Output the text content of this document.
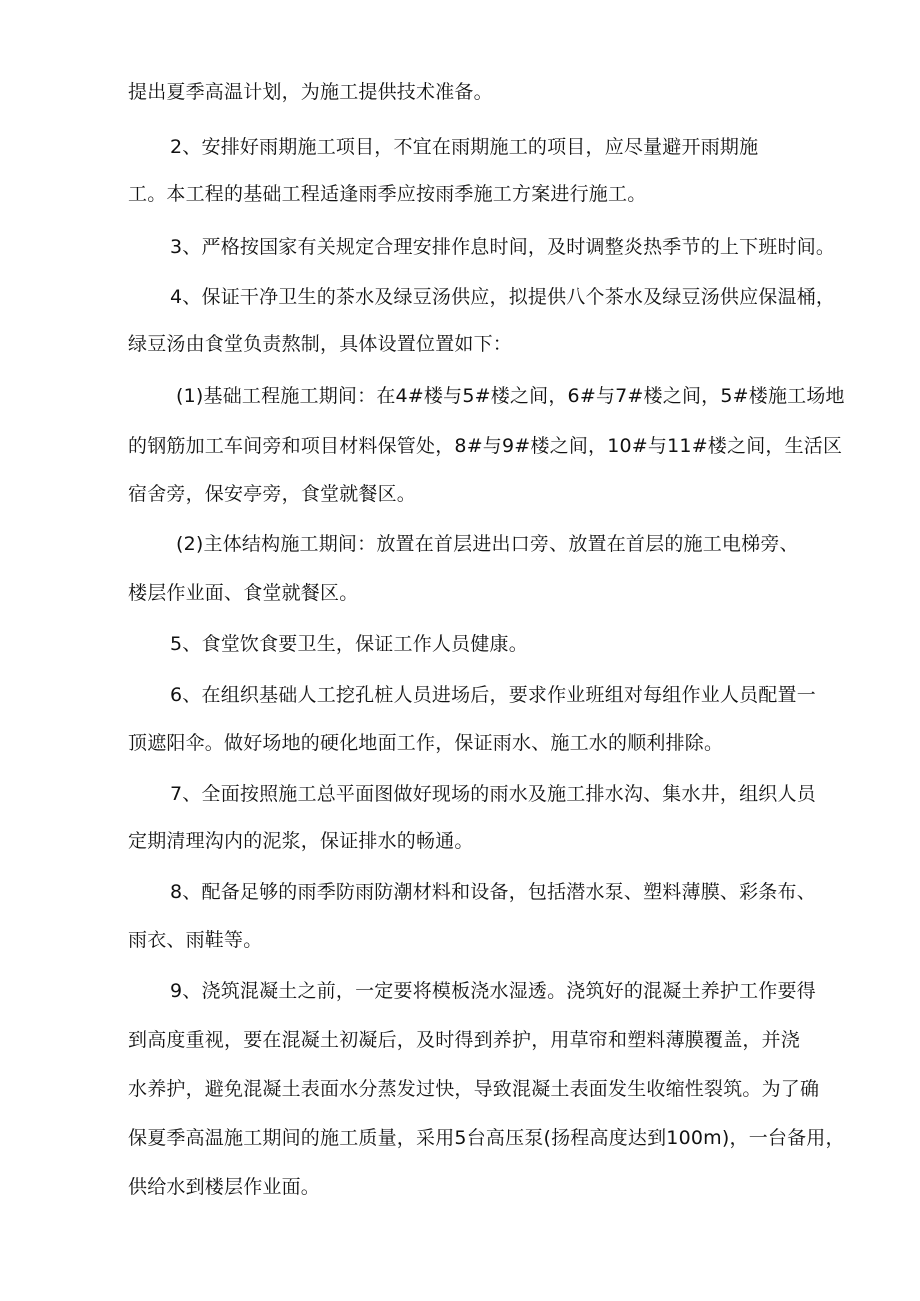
提出夏季高温计划，为施工提供技术准备。
2、安排好雨期施工项目，不宜在雨期施工的项目，应尽量避开雨期施
工。本工程的基础工程适逢雨季应按雨季施工方案进行施工。
3、严格按国家有关规定合理安排作息时间，及时调整炎热季节的上下班时间。
4、保证干净卫生的茶水及绿豆汤供应，拟提供八个茶水及绿豆汤供应保温桶，
绿豆汤由食堂负责熬制，具体设置位置如下：
(1)基础工程施工期间：在4#楼与5#楼之间，6#与7#楼之间，5#楼施工场地
的钢筋加工车间旁和项目材料保管处，8#与9#楼之间，10#与11#楼之间，生活区
宿舍旁，保安亭旁，食堂就餐区。
(2)主体结构施工期间：放置在首层进出口旁、放置在首层的施工电梯旁、
楼层作业面、食堂就餐区。
5、食堂饮食要卫生，保证工作人员健康。
6、在组织基础人工挖孔桩人员进场后，要求作业班组对每组作业人员配置一
顶遮阳伞。做好场地的硬化地面工作，保证雨水、施工水的顺利排除。
7、全面按照施工总平面图做好现场的雨水及施工排水沟、集水井，组织人员
定期清理沟内的泥浆，保证排水的畅通。
8、配备足够的雨季防雨防潮材料和设备，包括潜水泵、塑料薄膜、彩条布、
雨衣、雨鞋等。
9、浇筑混凝土之前，一定要将模板浇水湿透。浇筑好的混凝土养护工作要得
到高度重视，要在混凝土初凝后，及时得到养护，用草帘和塑料薄膜覆盖，并浇
水养护，避免混凝土表面水分蒸发过快，导致混凝土表面发生收缩性裂筑。为了确
保夏季高温施工期间的施工质量，采用5台高压泵(扬程高度达到100m)，一台备用，
供给水到楼层作业面。
